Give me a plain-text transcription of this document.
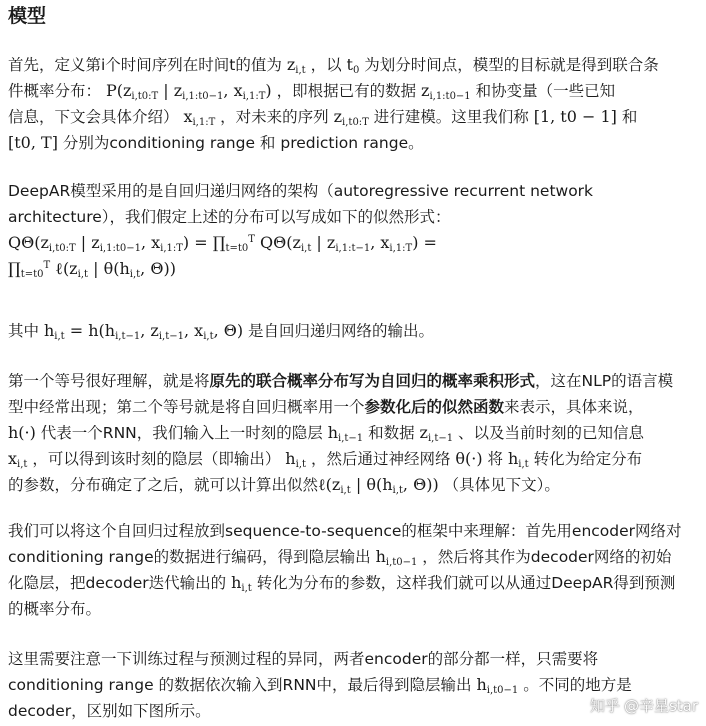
模型
首先，定义第i个时间序列在时间t的值为 $z_{i,t}$ ，以 $t_0$ 为划分时间点，模型的目标就是得到联合条
件概率分布： $P(z_{i,t0:T}$ | $z_{i,1:t0-1}$, $x_{i,1:T}$) ，即根据已有的数据 $z_{i,1:t0-1}$ 和协变量（一些已知
信息，下文会具体介绍） $x_{i,1:T}$ ，对未来的序列 $z_{i,t0:T}$ 进行建模。这里我们称 [1, t0 − 1] 和
[t0, T] 分别为conditioning range 和 prediction range。
DeepAR模型采用的是自回归递归网络的架构（autoregressive recurrent network
architecture），我们假定上述的分布可以写成如下的似然形式：
$Q\Theta(z_{i,t0:T}$ | $z_{i,1:t0-1}$, $x_{i,1:T}$) = $\prod_{t=t0}^T$ $Q\Theta(z_{i,t}$ | $z_{i,1:t-1}$, $x_{i,1:T}$) =
$\prod_{t=t0}^T$ $\ell(z_{i,t}$ | $\theta(h_{i,t}$, Θ))
其中 $h_{i,t} = h(h_{i,t-1}$, $z_{i,t-1}$, $x_{i,t}$, Θ) 是自回归递归网络的输出。
第一个等号很好理解，就是将原先的联合概率分布写为自回归的概率乘积形式，这在NLP的语言模
型中经常出现；第二个等号就是将自回归概率用一个参数化后的似然函数来表示，具体来说，
h(·) 代表一个RNN，我们输入上一时刻的隐层 $h_{i,t-1}$ 和数据 $z_{i,t-1}$ 、以及当前时刻的已知信息
$x_{i,t}$ ，可以得到该时刻的隐层（即输出） $h_{i,t}$ ，然后通过神经网络 θ(·) 将 $h_{i,t}$ 转化为给定分布
的参数，分布确定了之后，就可以计算出似然$\ell(z_{i,t}$ | $\theta(h_{i,t}$, Θ)) （具体见下文）。
我们可以将这个自回归过程放到sequence-to-sequence的框架中来理解：首先用encoder网络对
conditioning range的数据进行编码，得到隐层输出 $h_{i,t0-1}$ ，然后将其作为decoder网络的初始
化隐层，把decoder迭代输出的 $h_{i,t}$ 转化为分布的参数，这样我们就可以从通过DeepAR得到预测
的概率分布。
这里需要注意一下训练过程与预测过程的异同，两者encoder的部分都一样，只需要将
conditioning range 的数据依次输入到RNN中，最后得到隐层输出 $h_{i,t0-1}$ 。不同的地方是
decoder，区别如下图所示。	知乎 @辛星star
